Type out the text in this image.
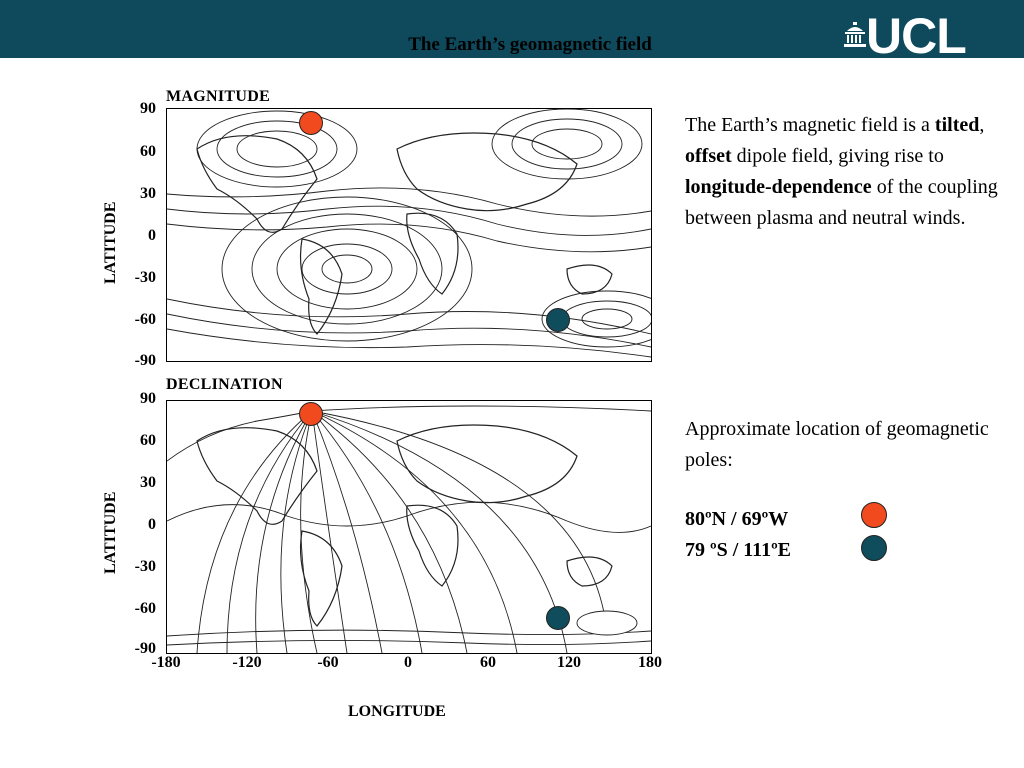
The Earth’s geomagnetic field	UCL
MAGNITUDE
LATITUDE
90
60
30
0
-30
-60
-90
DECLINATION
LATITUDE
90
60
30
0
-30
-60
-90
-180	-120	-60	0	60	120	180
LONGITUDE
The Earth’s magnetic field is a tilted, offset dipole field, giving rise to longitude-dependence of the coupling between plasma and neutral winds.
Approximate location of geomagnetic poles:
80ºN / 69ºW
79 ºS / 111ºE
